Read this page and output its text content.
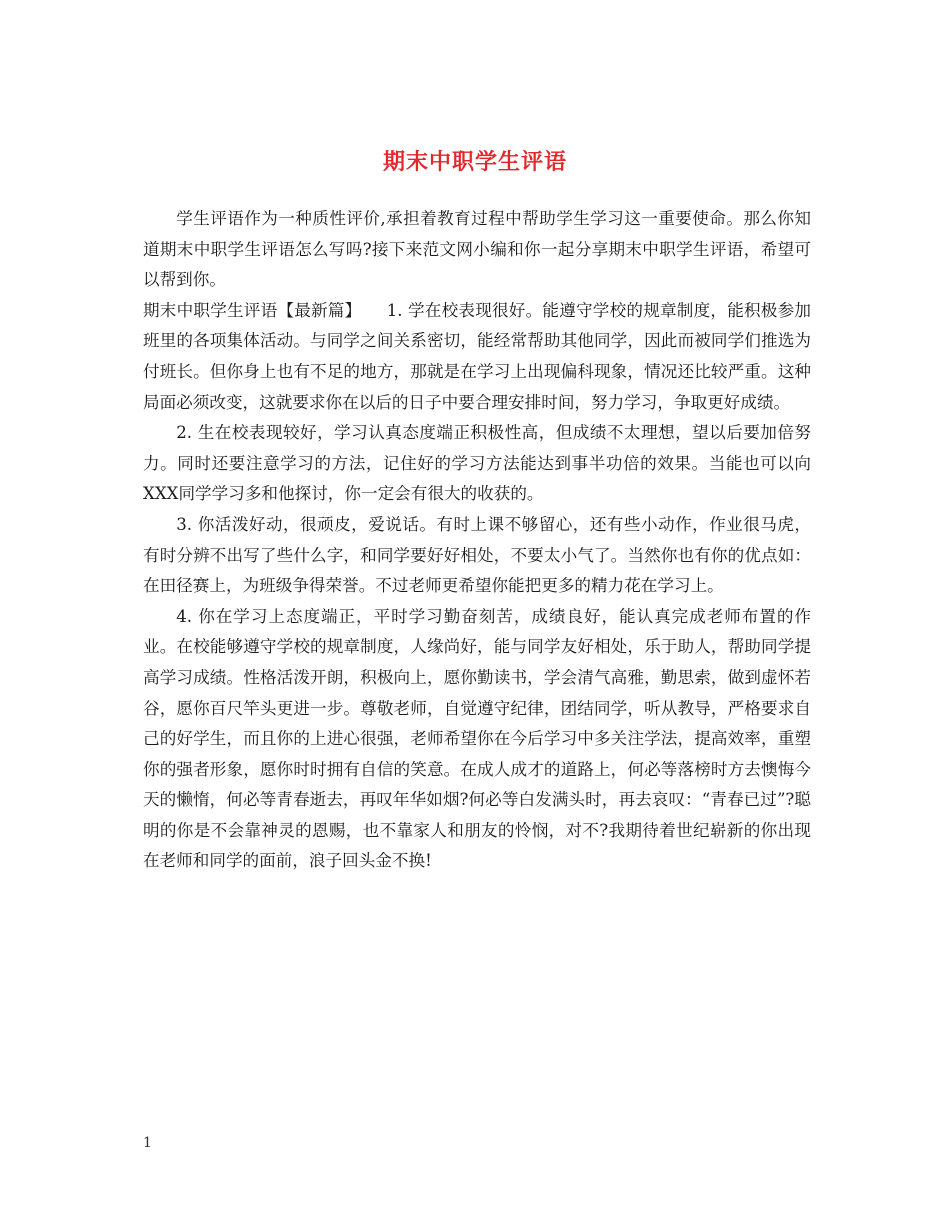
期末中职学生评语

学生评语作为一种质性评价,承担着教育过程中帮助学生学习这一重要使命。那么你知道期末中职学生评语怎么写吗?接下来范文网小编和你一起分享期末中职学生评语，希望可以帮到你。

期末中职学生评语【最新篇】　　1. 学在校表现很好。能遵守学校的规章制度，能积极参加班里的各项集体活动。与同学之间关系密切，能经常帮助其他同学，因此而被同学们推选为付班长。但你身上也有不足的地方，那就是在学习上出现偏科现象，情况还比较严重。这种局面必须改变，这就要求你在以后的日子中要合理安排时间，努力学习，争取更好成绩。

2. 生在校表现较好，学习认真态度端正积极性高，但成绩不太理想，望以后要加倍努力。同时还要注意学习的方法，记住好的学习方法能达到事半功倍的效果。当能也可以向XXX同学学习多和他探讨，你一定会有很大的收获的。

3. 你活泼好动，很顽皮，爱说话。有时上课不够留心，还有些小动作，作业很马虎，有时分辨不出写了些什么字，和同学要好好相处，不要太小气了。当然你也有你的优点如：在田径赛上，为班级争得荣誉。不过老师更希望你能把更多的精力花在学习上。

4. 你在学习上态度端正，平时学习勤奋刻苦，成绩良好，能认真完成老师布置的作业。在校能够遵守学校的规章制度，人缘尚好，能与同学友好相处，乐于助人，帮助同学提高学习成绩。性格活泼开朗，积极向上，愿你勤读书，学会清气高雅，勤思索，做到虚怀若谷，愿你百尺竿头更进一步。尊敬老师，自觉遵守纪律，团结同学，听从教导，严格要求自己的好学生，而且你的上进心很强，老师希望你在今后学习中多关注学法，提高效率，重塑你的强者形象，愿你时时拥有自信的笑意。在成人成才的道路上，何必等落榜时方去懊悔今天的懒惰，何必等青春逝去，再叹年华如烟?何必等白发满头时，再去哀叹：“青春已过”?聪明的你是不会靠神灵的恩赐，也不靠家人和朋友的怜悯，对不?我期待着世纪崭新的你出现在老师和同学的面前，浪子回头金不换!

1
